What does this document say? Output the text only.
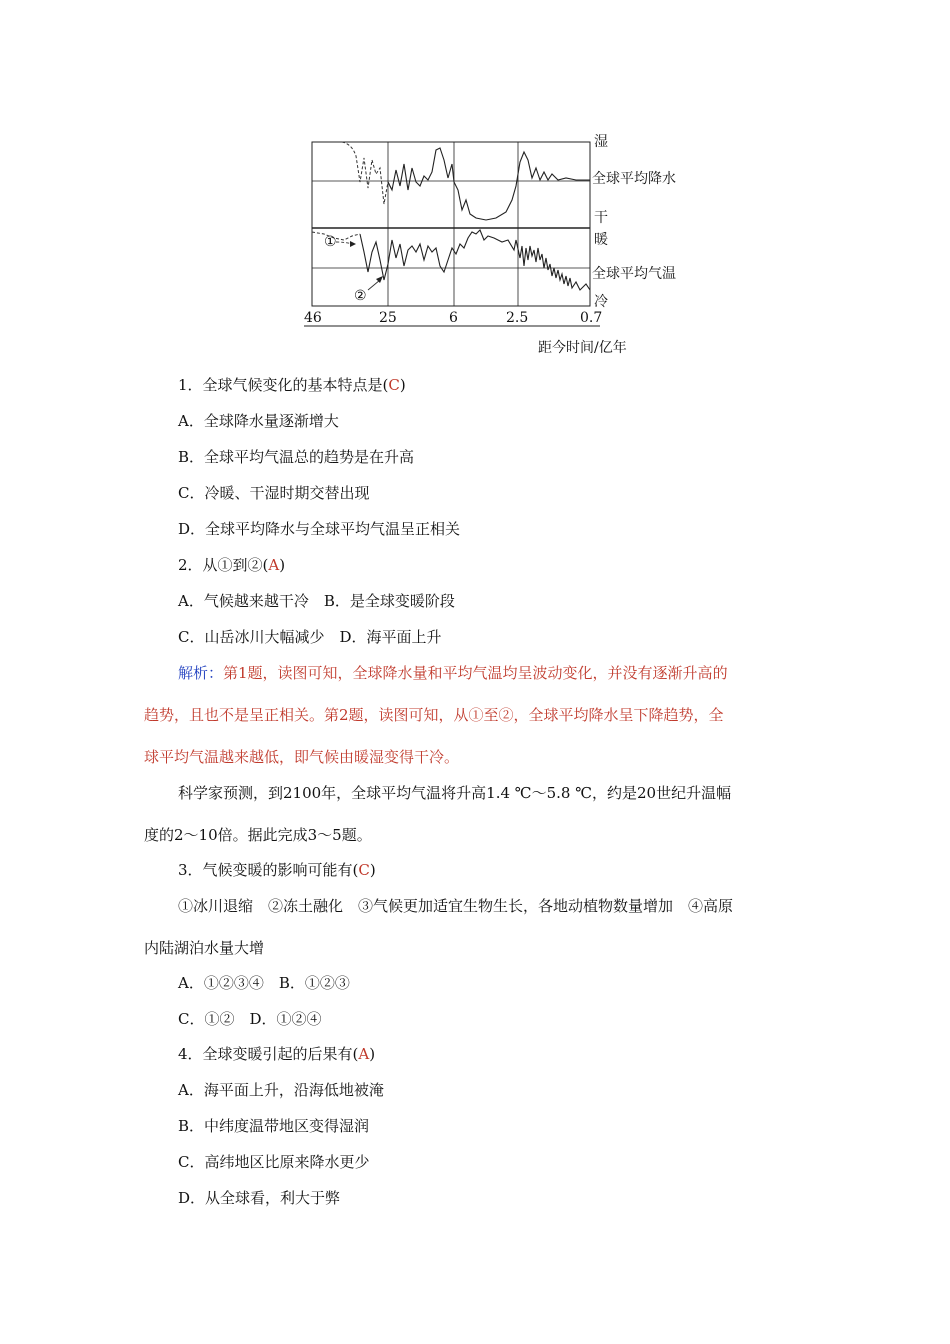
①
②
湿
全球平均降水
干
暖
全球平均气温
冷
46	25	6	2.5	0.7
距今时间/亿年
1．全球气候变化的基本特点是(C)
A．全球降水量逐渐增大
B．全球平均气温总的趋势是在升高
C．冷暖、干湿时期交替出现
D．全球平均降水与全球平均气温呈正相关
2．从①到②(A)
A．气候越来越干冷　B．是全球变暖阶段
C．山岳冰川大幅减少　D．海平面上升
解析：第1题，读图可知，全球降水量和平均气温均呈波动变化，并没有逐渐升高的
趋势，且也不是呈正相关。第2题，读图可知，从①至②，全球平均降水呈下降趋势，全
球平均气温越来越低，即气候由暖湿变得干冷。
科学家预测，到2100年，全球平均气温将升高1.4 ℃～5.8 ℃，约是20世纪升温幅
度的2～10倍。据此完成3～5题。
3．气候变暖的影响可能有(C)
①冰川退缩　②冻土融化　③气候更加适宜生物生长，各地动植物数量增加　④高原
内陆湖泊水量大增
A．①②③④　B．①②③
C．①②　D．①②④
4．全球变暖引起的后果有(A)
A．海平面上升，沿海低地被淹
B．中纬度温带地区变得湿润
C．高纬地区比原来降水更少
D．从全球看，利大于弊
